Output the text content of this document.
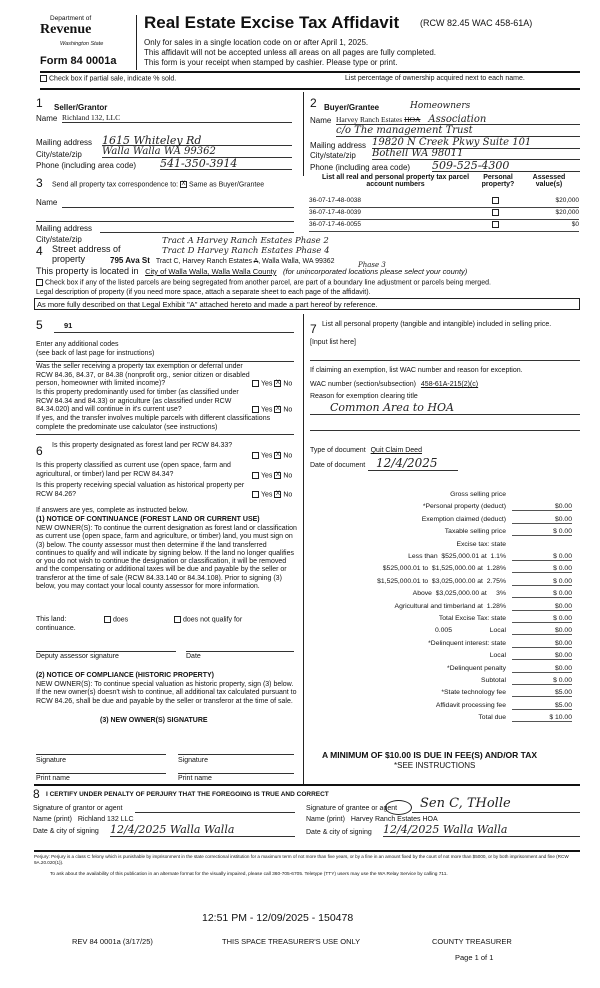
Department of
Revenue
Washington State
Form 84 0001a
Real Estate Excise Tax Affidavit (RCW 82.45 WAC 458-61A)
Only for sales in a single location code on or after April 1, 2025.
This affidavit will not be accepted unless all areas on all pages are fully completed.
This form is your receipt when stamped by cashier. Please type or print.
Check box if partial sale, indicate % sold.	List percentage of ownership acquired next to each name.
1 Seller/Grantor
Name Richland 132, LLC
Mailing address 1615 Whiteley Rd
City/state/zip Walla Walla WA 99362
Phone (including area code) 541-350-3914
2 Buyer/Grantee	Homeowners
Name Harvey Ranch Estates HOA Association
c/o The management Trust
Mailing address 19820 N Creek Pkwy Suite 101
City/state/zip Bothell WA 98011
Phone (including area code) 509-525-4300
3 Send all property tax correspondence to: X Same as Buyer/Grantee
Name
Mailing address
City/state/zip
List all real and personal property tax parcel account numbers
Personal property?
Assessed value(s)
36-07-17-48-0038	$20,000
36-07-17-48-0039	$20,000
36-07-17-46-0055	$0
4 Street address of property
Tract A Harvey Ranch Estates Phase 2
Tract D Harvey Ranch Estates Phase 4
795 Ava St Tract C, Harvey Ranch Estates A, Walla Walla, WA 99362	Phase 3
This property is located in City of Walla Walla, Walla Walla County (for unincorporated locations please select your county)
Check box if any of the listed parcels are being segregated from another parcel, are part of a boundary line adjustment or parcels being merged.
Legal description of property (if you need more space, attach a separate sheet to each page of the affidavit).
As more fully described on that Legal Exhibit "A" attached hereto and made a part hereof by reference.
5	91
Enter any additional codes
(see back of last page for instructions)
Was the seller receiving a property tax exemption or deferral under RCW 84.36, 84.37, or 84.38 (nonprofit org., senior citizen or disabled person, homeowner with limited income)?	Yes X No
Is this property predominantly used for timber (as classified under RCW 84.34 and 84.33) or agriculture (as classified under RCW 84.34.020) and will continue in it's current use?	Yes X No
If yes, and the transfer involves multiple parcels with different classifications complete the predominate use calculator (see instructions)
6 Is this property designated as forest land per RCW 84.33?
Yes X No
Is this property classified as current use (open space, farm and agricultural, or timber) land per RCW 84.34?	Yes X No
Is this property receiving special valuation as historical property per RCW 84.26?	Yes X No
If answers are yes, complete as instructed below.
(1) NOTICE OF CONTINUANCE (FOREST LAND OR CURRENT USE)
NEW OWNER(S): To continue the current designation as forest land or classification as current use (open space, farm and agriculture, or timber) land, you must sign on (3) below. The county assessor must then determine if the land transferred continues to qualify and will indicate by signing below. If the land no longer qualifies or you do not wish to continue the designation or classification, it will be removed and the compensating or additional taxes will be due and payable by the seller or transferor at the time of sale (RCW 84.33.140 or 84.34.108). Prior to signing (3) below, you may contact your local county assessor for more information.
This land:	does	does not qualify for
continuance.
Deputy assessor signature	Date
(2) NOTICE OF COMPLIANCE (HISTORIC PROPERTY)
NEW OWNER(S): To continue special valuation as historic property, sign (3) below. If the new owner(s) doesn't wish to continue, all additional tax calculated pursuant to RCW 84.26, shall be due and payable by the seller or transferor at the time of sale.
(3) NEW OWNER(S) SIGNATURE
Signature	Signature
Print name	Print name
7 List all personal property (tangible and intangible) included in selling price.
[Input list here]
If claiming an exemption, list WAC number and reason for exception.
WAC number (section/subsection) 458-61A-215(2)(c)
Reason for exemption clearing title
Common Area to HOA
Type of document Quit Claim Deed
Date of document 12/4/2025
Gross selling price
*Personal property (deduct)	$0.00
Exemption claimed (deduct)	$0.00
Taxable selling price	$ 0.00
Excise tax: state
Less than  $525,000.01 at  1.1%	$ 0.00
$525,000.01 to  $1,525,000.00 at  1.28%	$ 0.00
$1,525,000.01 to  $3,025,000.00 at  2.75%	$ 0.00
Above  $3,025,000.00 at     3%	$ 0.00
Agricultural and timberland at  1.28%	$0.00
Total Excise Tax: state	$ 0.00
0.005                    Local	$0.00
*Delinquent interest: state	$0.00
Local	$0.00
*Delinquent penalty	$0.00
Subtotal	$ 0.00
*State technology fee	$5.00
Affidavit processing fee	$5.00
Total due	$ 10.00
A MINIMUM OF $10.00 IS DUE IN FEE(S) AND/OR TAX
*SEE INSTRUCTIONS
8 I CERTIFY UNDER PENALTY OF PERJURY THAT THE FOREGOING IS TRUE AND CORRECT
Signature of grantor or agent
Name (print) Richland 132 LLC
Date & city of signing 12/4/2025 Walla Walla
Signature of grantee or agent Sen C, THolle
Name (print) Harvey Ranch Estates HOA
Date & city of signing 12/4/2025 Walla Walla
Perjury: Perjury is a class C felony which is punishable by imprisonment in the state correctional institution for a maximum term of not more than five years, or by a fine in an amount fixed by the court of not more than $5000, or by both imprisonment and fine (RCW 9A.20.020(1)).
To ask about the availability of this publication in an alternate format for the visually impaired, please call 360-705-6705. Teletype (TTY) users may use the WA Relay Service by calling 711.
12:51 PM - 12/09/2025 - 150478
REV 84 0001a (3/17/25)	THIS SPACE TREASURER'S USE ONLY	COUNTY TREASURER
Page 1 of 1
